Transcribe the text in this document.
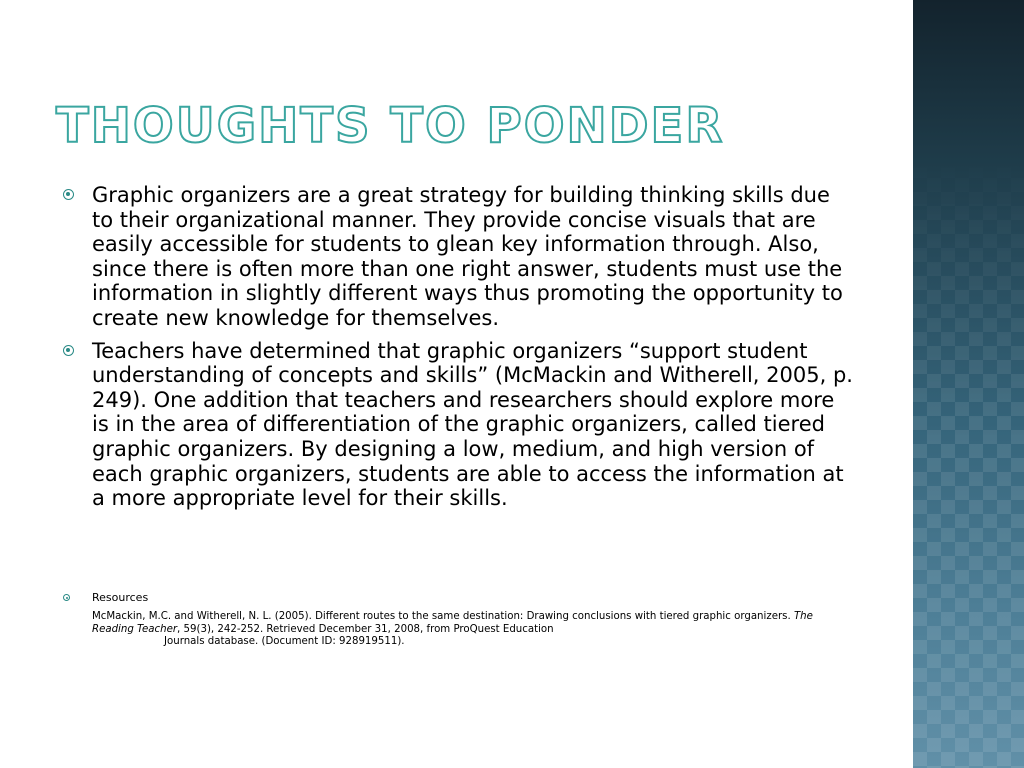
THOUGHTS TO PONDER
Graphic organizers are a great strategy for building thinking skills due to their organizational manner. They provide concise visuals that are easily accessible for students to glean key information through. Also, since there is often more than one right answer, students must use the information in slightly different ways thus promoting the opportunity to create new knowledge for themselves.
Teachers have determined that graphic organizers “support student understanding of concepts and skills” (McMackin and Witherell, 2005, p. 249). One addition that teachers and researchers should explore more is in the area of differentiation of the graphic organizers, called tiered graphic organizers. By designing a low, medium, and high version of each graphic organizers, students are able to access the information at a more appropriate level for their skills.
Resources
McMackin, M.C. and Witherell, N. L. (2005). Different routes to the same destination: Drawing conclusions with tiered graphic organizers. The Reading Teacher, 59(3), 242-252. Retrieved December 31, 2008, from ProQuest Education
Journals database. (Document ID: 928919511).
